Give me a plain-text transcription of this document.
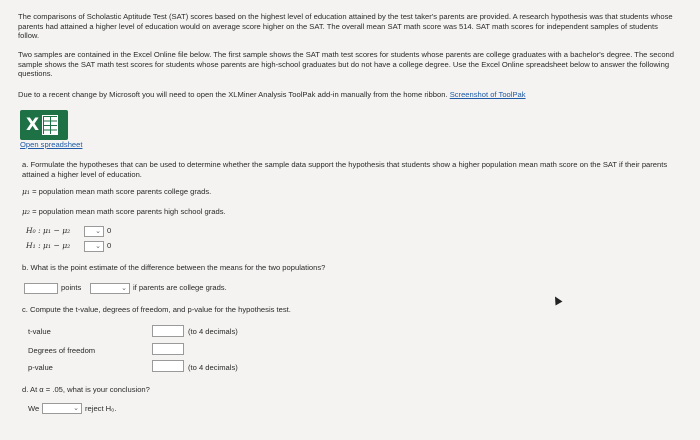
The comparisons of Scholastic Aptitude Test (SAT) scores based on the highest level of education attained by the test taker's parents are provided. A research hypothesis was that students whose parents had attained a higher level of education would on average score higher on the SAT. The overall mean SAT math score was 514. SAT math scores for independent samples of students follow.
Two samples are contained in the Excel Online file below. The first sample shows the SAT math test scores for students whose parents are college graduates with a bachelor's degree. The second sample shows the SAT math test scores for students whose parents are high-school graduates but do not have a college degree. Use the Excel Online spreadsheet below to answer the following questions.
Due to a recent change by Microsoft you will need to open the XLMiner Analysis ToolPak add-in manually from the home ribbon. Screenshot of ToolPak
X
Open spreadsheet
a. Formulate the hypotheses that can be used to determine whether the sample data support the hypothesis that students show a higher population mean math score on the SAT if their parents attained a higher level of education.
μ₁ = population mean math score parents college grads.
μ₂ = population mean math score parents high school grads.
H₀ : μ₁ − μ₂	⌄ 0
H₁ : μ₁ − μ₂	⌄ 0
b. What is the point estimate of the difference between the means for the two populations?
points	⌄ if parents are college grads.
c. Compute the t-value, degrees of freedom, and p-value for the hypothesis test.
t-value	(to 4 decimals)
Degrees of freedom
p-value	(to 4 decimals)
d. At α = .05, what is your conclusion?
We	⌄ reject H₀.
